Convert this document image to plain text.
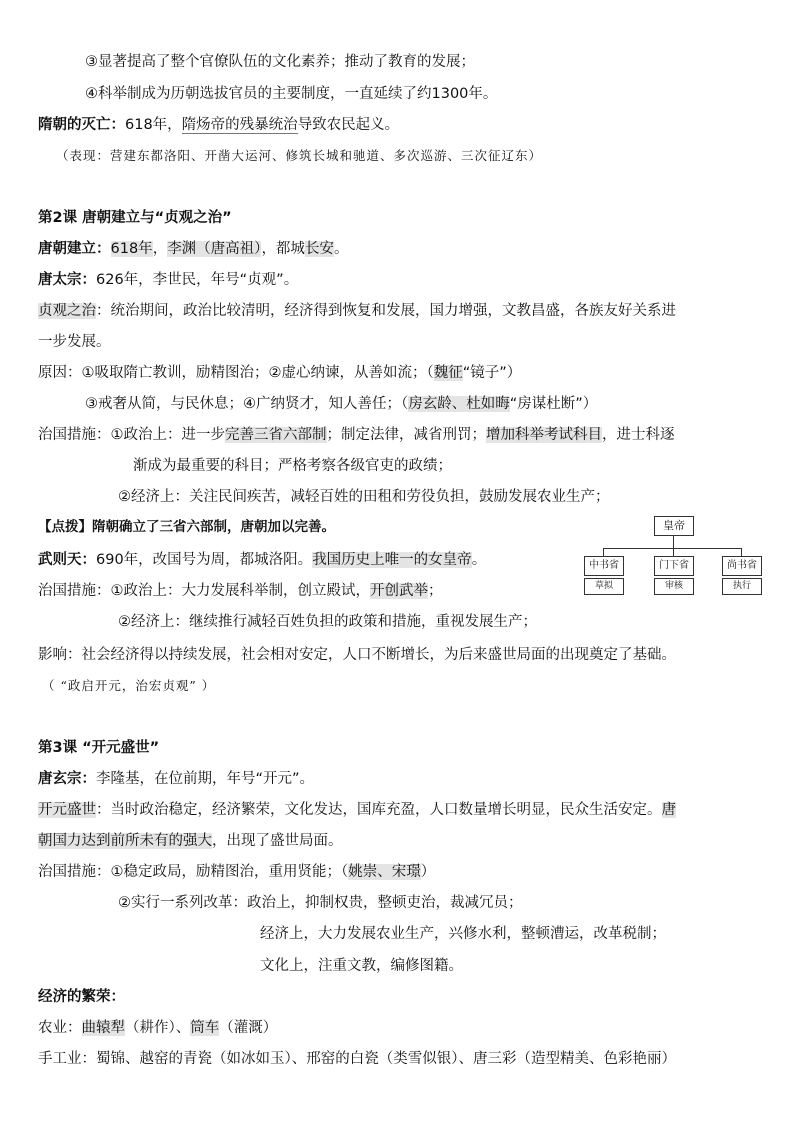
③显著提高了整个官僚队伍的文化素养；推动了教育的发展；
④科举制成为历朝选拔官员的主要制度，一直延续了约1300年。
隋朝的灭亡：618年，隋炀帝的残暴统治导致农民起义。
（表现：营建东都洛阳、开凿大运河、修筑长城和驰道、多次巡游、三次征辽东）
第2课 唐朝建立与“贞观之治”
唐朝建立：618年，李渊（唐高祖），都城长安。
唐太宗：626年，李世民，年号“贞观”。
贞观之治：统治期间，政治比较清明，经济得到恢复和发展，国力增强，文教昌盛，各族友好关系进
一步发展。
原因：①吸取隋亡教训，励精图治；②虚心纳谏，从善如流；（魏征“镜子”）
③戒奢从简，与民休息；④广纳贤才，知人善任；（房玄龄、杜如晦“房谋杜断”）
治国措施：①政治上：进一步完善三省六部制；制定法律，减省刑罚；增加科举考试科目，进士科逐
渐成为最重要的科目；严格考察各级官吏的政绩；
②经济上：关注民间疾苦，减轻百姓的田租和劳役负担，鼓励发展农业生产；
【点拨】隋朝确立了三省六部制，唐朝加以完善。	皇帝
中书省	门下省	尚书省
草拟	审核	执行
武则天：690年，改国号为周，都城洛阳。我国历史上唯一的女皇帝。
治国措施：①政治上：大力发展科举制，创立殿试，开创武举；
②经济上：继续推行减轻百姓负担的政策和措施，重视发展生产；
影响：社会经济得以持续发展，社会相对安定，人口不断增长，为后来盛世局面的出现奠定了基础。
（ “政启开元，治宏贞观” ）
第3课 “开元盛世”
唐玄宗：李隆基，在位前期，年号“开元”。
开元盛世：当时政治稳定，经济繁荣，文化发达，国库充盈，人口数量增长明显，民众生活安定。唐
朝国力达到前所未有的强大，出现了盛世局面。
治国措施：①稳定政局，励精图治，重用贤能；（姚崇、宋璟）
②实行一系列改革：政治上，抑制权贵，整顿吏治，裁减冗员；
经济上，大力发展农业生产，兴修水利，整顿漕运，改革税制；
文化上，注重文教，编修图籍。
经济的繁荣：
农业：曲辕犁（耕作）、筒车（灌溉）
手工业：蜀锦、越窑的青瓷（如冰如玉）、邢窑的白瓷（类雪似银）、唐三彩（造型精美、色彩艳丽）
